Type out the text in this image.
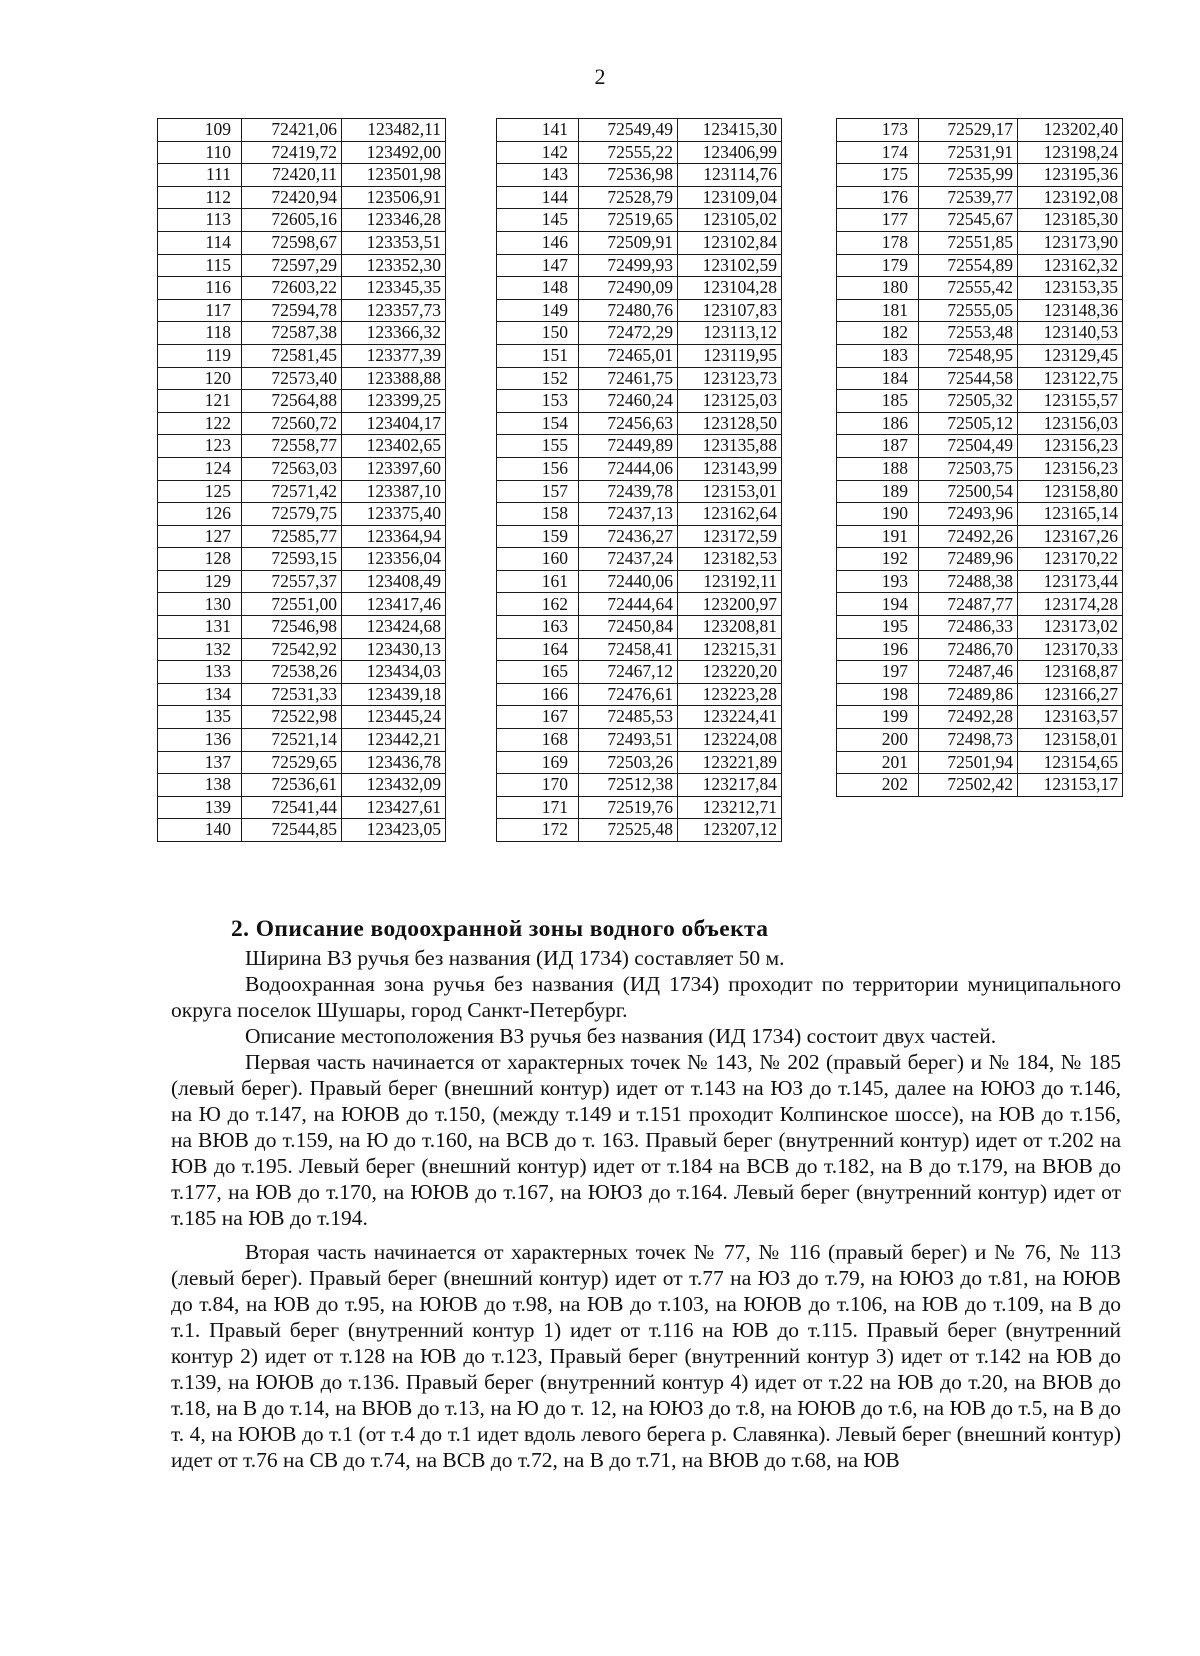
2
109	72421,06	123482,11
110	72419,72	123492,00
111	72420,11	123501,98
112	72420,94	123506,91
113	72605,16	123346,28
114	72598,67	123353,51
115	72597,29	123352,30
116	72603,22	123345,35
117	72594,78	123357,73
118	72587,38	123366,32
119	72581,45	123377,39
120	72573,40	123388,88
121	72564,88	123399,25
122	72560,72	123404,17
123	72558,77	123402,65
124	72563,03	123397,60
125	72571,42	123387,10
126	72579,75	123375,40
127	72585,77	123364,94
128	72593,15	123356,04
129	72557,37	123408,49
130	72551,00	123417,46
131	72546,98	123424,68
132	72542,92	123430,13
133	72538,26	123434,03
134	72531,33	123439,18
135	72522,98	123445,24
136	72521,14	123442,21
137	72529,65	123436,78
138	72536,61	123432,09
139	72541,44	123427,61
140	72544,85	123423,05
141	72549,49	123415,30
142	72555,22	123406,99
143	72536,98	123114,76
144	72528,79	123109,04
145	72519,65	123105,02
146	72509,91	123102,84
147	72499,93	123102,59
148	72490,09	123104,28
149	72480,76	123107,83
150	72472,29	123113,12
151	72465,01	123119,95
152	72461,75	123123,73
153	72460,24	123125,03
154	72456,63	123128,50
155	72449,89	123135,88
156	72444,06	123143,99
157	72439,78	123153,01
158	72437,13	123162,64
159	72436,27	123172,59
160	72437,24	123182,53
161	72440,06	123192,11
162	72444,64	123200,97
163	72450,84	123208,81
164	72458,41	123215,31
165	72467,12	123220,20
166	72476,61	123223,28
167	72485,53	123224,41
168	72493,51	123224,08
169	72503,26	123221,89
170	72512,38	123217,84
171	72519,76	123212,71
172	72525,48	123207,12
173	72529,17	123202,40
174	72531,91	123198,24
175	72535,99	123195,36
176	72539,77	123192,08
177	72545,67	123185,30
178	72551,85	123173,90
179	72554,89	123162,32
180	72555,42	123153,35
181	72555,05	123148,36
182	72553,48	123140,53
183	72548,95	123129,45
184	72544,58	123122,75
185	72505,32	123155,57
186	72505,12	123156,03
187	72504,49	123156,23
188	72503,75	123156,23
189	72500,54	123158,80
190	72493,96	123165,14
191	72492,26	123167,26
192	72489,96	123170,22
193	72488,38	123173,44
194	72487,77	123174,28
195	72486,33	123173,02
196	72486,70	123170,33
197	72487,46	123168,87
198	72489,86	123166,27
199	72492,28	123163,57
200	72498,73	123158,01
201	72501,94	123154,65
202	72502,42	123153,17
2. Описание водоохранной зоны водного объекта

Ширина ВЗ ручья без названия (ИД 1734) составляет 50 м.

Водоохранная зона ручья без названия (ИД 1734) проходит по территории муниципального округа поселок Шушары, город Санкт-Петербург.

Описание местоположения ВЗ ручья без названия (ИД 1734) состоит двух частей.

Первая часть начинается от характерных точек № 143, № 202 (правый берег) и № 184, № 185 (левый берег). Правый берег (внешний контур) идет от т.143 на ЮЗ до т.145, далее на ЮЮЗ до т.146, на Ю до т.147, на ЮЮВ до т.150, (между т.149 и т.151 проходит Колпинское шоссе), на ЮВ до т.156, на ВЮВ до т.159, на Ю до т.160, на ВСВ до т. 163. Правый берег (внутренний контур) идет от т.202 на ЮВ до т.195. Левый берег (внешний контур) идет от т.184 на ВСВ до т.182, на В до т.179, на ВЮВ до т.177, на ЮВ до т.170, на ЮЮВ до т.167, на ЮЮЗ до т.164. Левый берег (внутренний контур) идет от т.185 на ЮВ до т.194.

Вторая часть начинается от характерных точек № 77, № 116 (правый берег) и № 76, № 113 (левый берег). Правый берег (внешний контур) идет от т.77 на ЮЗ до т.79, на ЮЮЗ до т.81, на ЮЮВ до т.84, на ЮВ до т.95, на ЮЮВ до т.98, на ЮВ до т.103, на ЮЮВ до т.106, на ЮВ до т.109, на В до т.1. Правый берег (внутренний контур 1) идет от т.116 на ЮВ до т.115. Правый берег (внутренний контур 2) идет от т.128 на ЮВ до т.123, Правый берег (внутренний контур 3) идет от т.142 на ЮВ до т.139, на ЮЮВ до т.136. Правый берег (внутренний контур 4) идет от т.22 на ЮВ до т.20, на ВЮВ до т.18, на В до т.14, на ВЮВ до т.13, на Ю до т. 12, на ЮЮЗ до т.8, на ЮЮВ до т.6, на ЮВ до т.5, на В до т. 4, на ЮЮВ до т.1 (от т.4 до т.1 идет вдоль левого берега р. Славянка). Левый берег (внешний контур) идет от т.76 на СВ до т.74, на ВСВ до т.72, на В до т.71, на ВЮВ до т.68, на ЮВ
